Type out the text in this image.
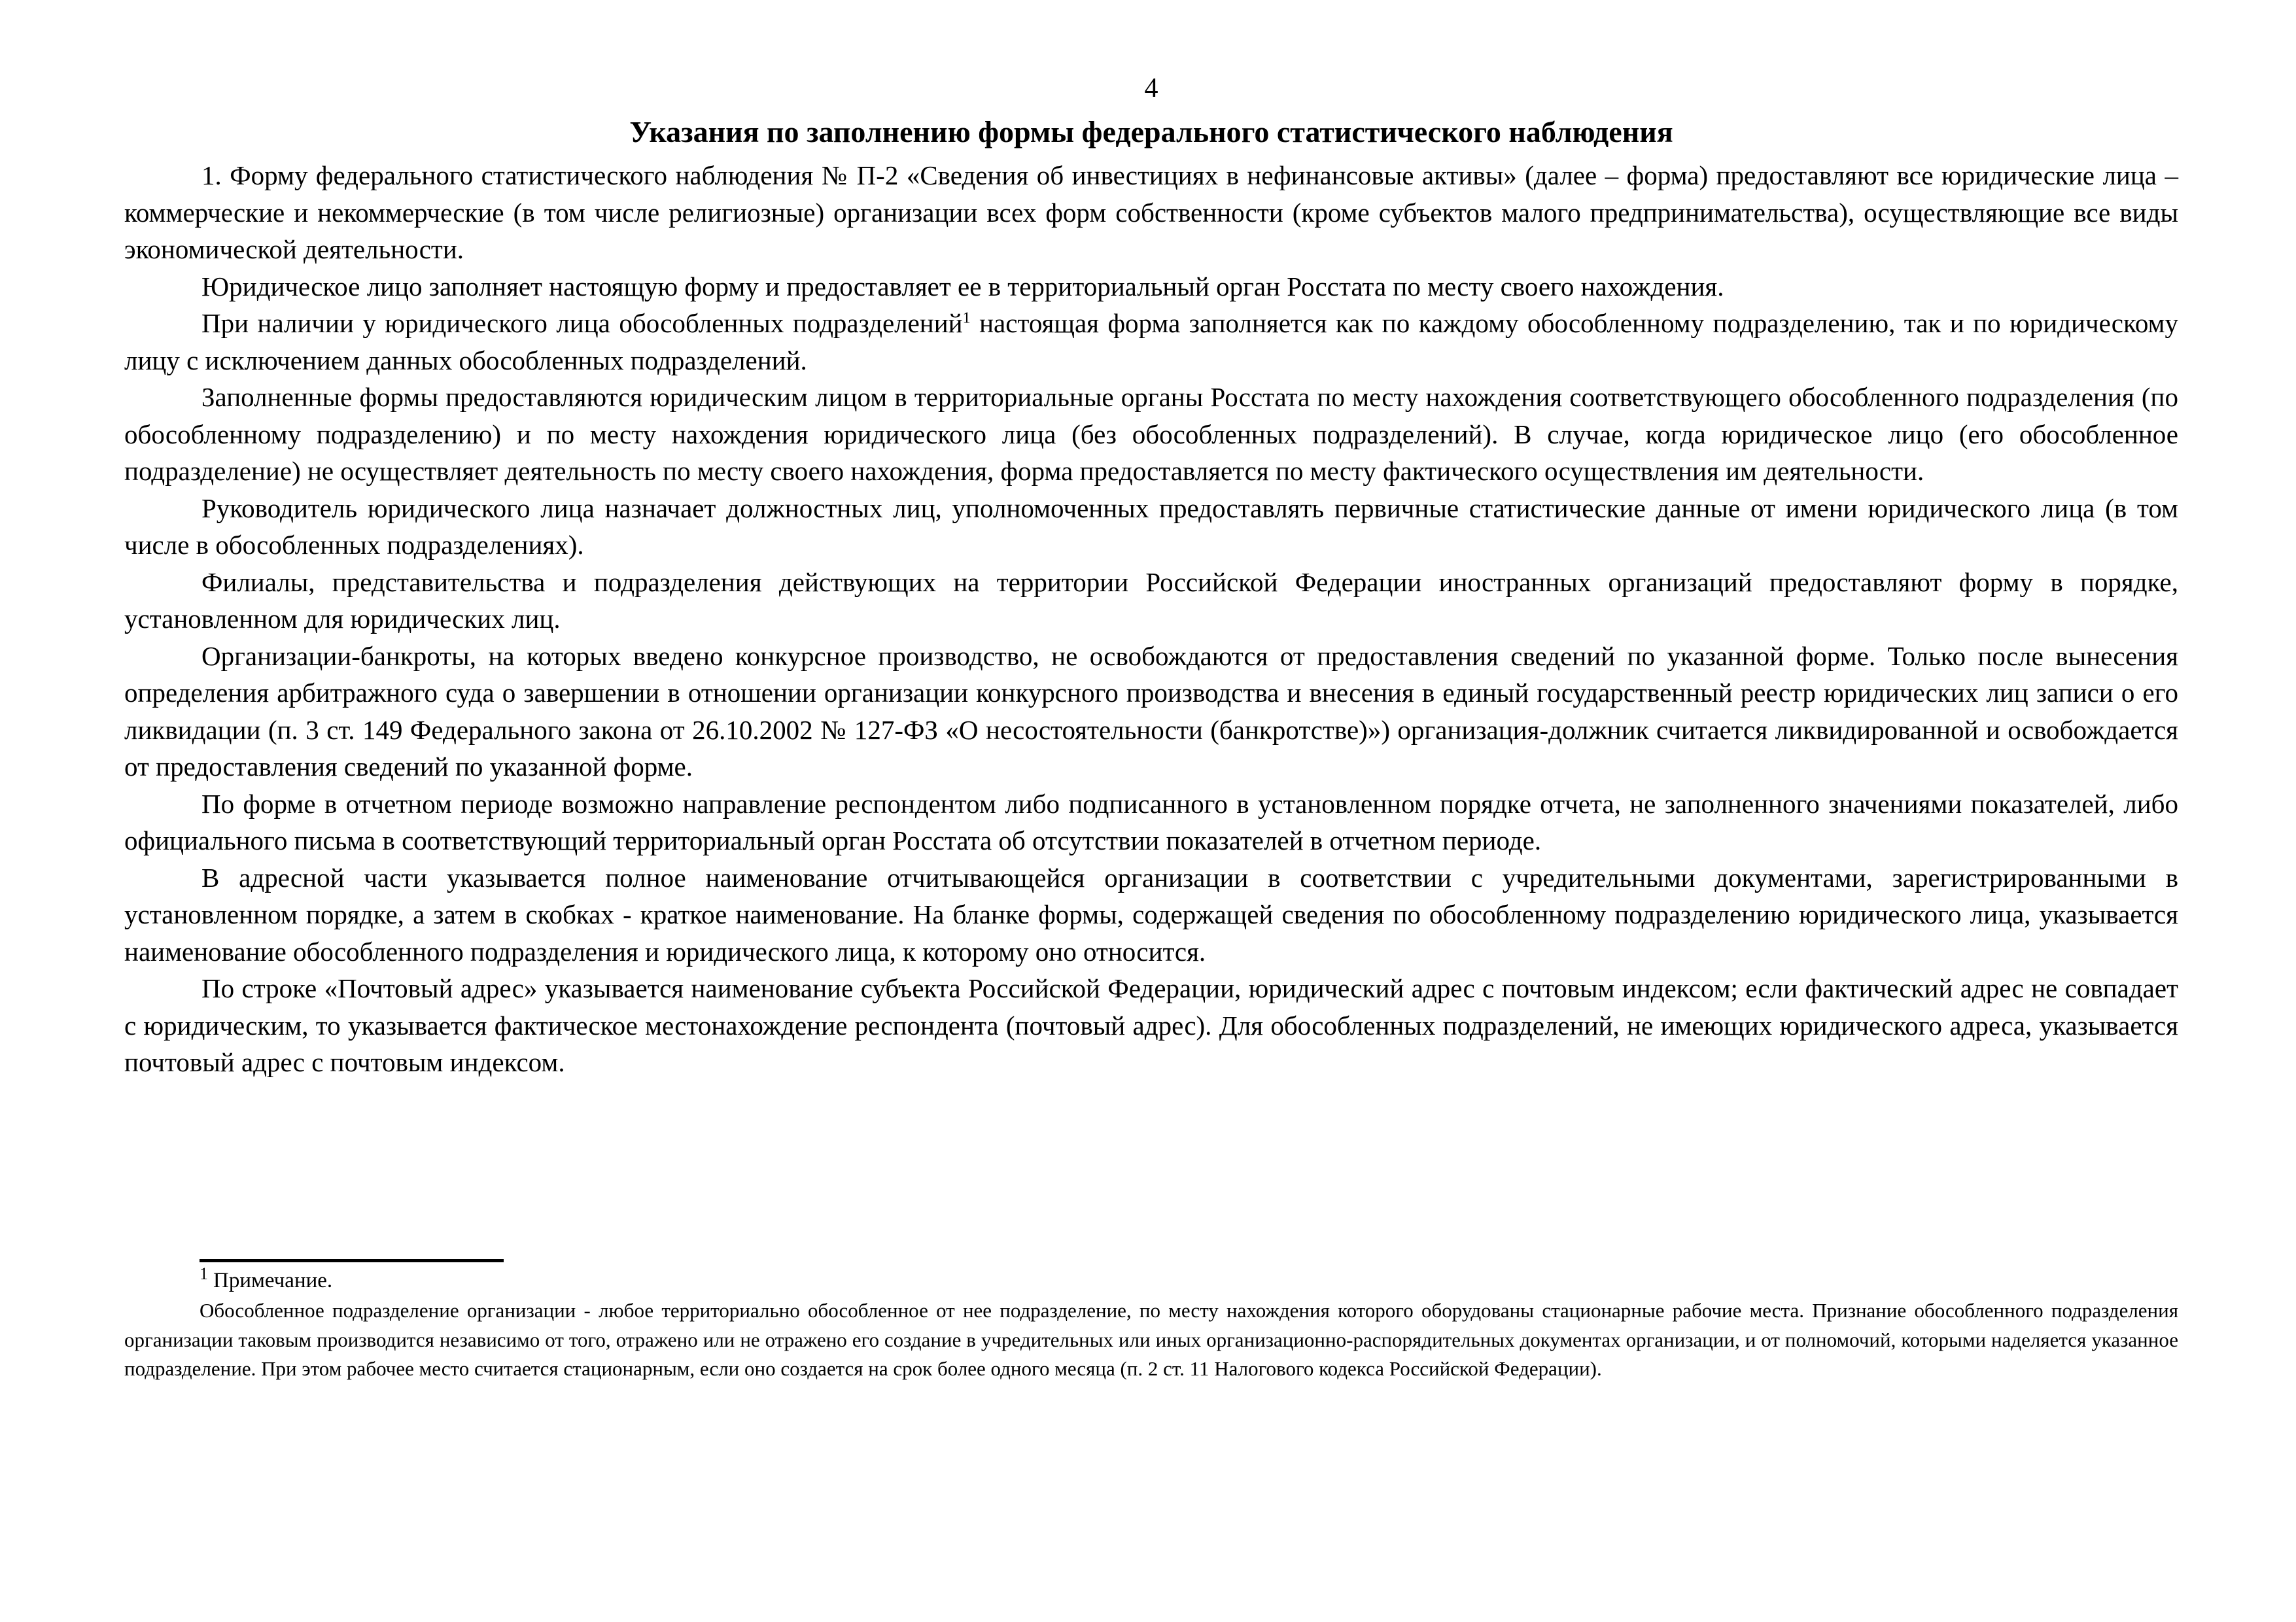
4
Указания по заполнению формы федерального статистического наблюдения

1. Форму федерального статистического наблюдения № П-2 «Сведения об инвестициях в нефинансовые активы» (далее – форма) предоставляют все юридические лица – коммерческие и некоммерческие (в том числе религиозные) организации всех форм собственности (кроме субъектов малого предпринимательства), осуществляющие все виды экономической деятельности.

Юридическое лицо заполняет настоящую форму и предоставляет ее в территориальный орган Росстата по месту своего нахождения.

При наличии у юридического лица обособленных подразделений$^1$ настоящая форма заполняется как по каждому обособленному подразделению, так и по юридическому лицу с исключением данных обособленных подразделений.

Заполненные формы предоставляются юридическим лицом в территориальные органы Росстата по месту нахождения соответствующего обособленного подразделения (по обособленному подразделению) и по месту нахождения юридического лица (без обособленных подразделений). В случае, когда юридическое лицо (его обособленное подразделение) не осуществляет деятельность по месту своего нахождения, форма предоставляется по месту фактического осуществления им деятельности.

Руководитель юридического лица назначает должностных лиц, уполномоченных предоставлять первичные статистические данные от имени юридического лица (в том числе в обособленных подразделениях).

Филиалы, представительства и подразделения действующих на территории Российской Федерации иностранных организаций предоставляют форму в порядке, установленном для юридических лиц.

Организации-банкроты, на которых введено конкурсное производство, не освобождаются от предоставления сведений по указанной форме. Только после вынесения определения арбитражного суда о завершении в отношении организации конкурсного производства и внесения в единый государственный реестр юридических лиц записи о его ликвидации (п. 3 ст. 149 Федерального закона от 26.10.2002 № 127-ФЗ «О несостоятельности (банкротстве)») организация-должник считается ликвидированной и освобождается от предоставления сведений по указанной форме.

По форме в отчетном периоде возможно направление респондентом либо подписанного в установленном порядке отчета, не заполненного значениями показателей, либо официального письма в соответствующий территориальный орган Росстата об отсутствии показателей в отчетном периоде.

В адресной части указывается полное наименование отчитывающейся организации в соответствии с учредительными документами, зарегистрированными в установленном порядке, а затем в скобках - краткое наименование. На бланке формы, содержащей сведения по обособленному подразделению юридического лица, указывается наименование обособленного подразделения и юридического лица, к которому оно относится.

По строке «Почтовый адрес» указывается наименование субъекта Российской Федерации, юридический адрес с почтовым индексом; если фактический адрес не совпадает с юридическим, то указывается фактическое местонахождение респондента (почтовый адрес). Для обособленных подразделений, не имеющих юридического адреса, указывается почтовый адрес с почтовым индексом.

$^1$ Примечание.

Обособленное подразделение организации - любое территориально обособленное от нее подразделение, по месту нахождения которого оборудованы стационарные рабочие места. Признание обособленного подразделения организации таковым производится независимо от того, отражено или не отражено его создание в учредительных или иных организационно-распорядительных документах организации, и от полномочий, которыми наделяется указанное подразделение. При этом рабочее место считается стационарным, если оно создается на срок более одного месяца (п. 2 ст. 11 Налогового кодекса Российской Федерации).
